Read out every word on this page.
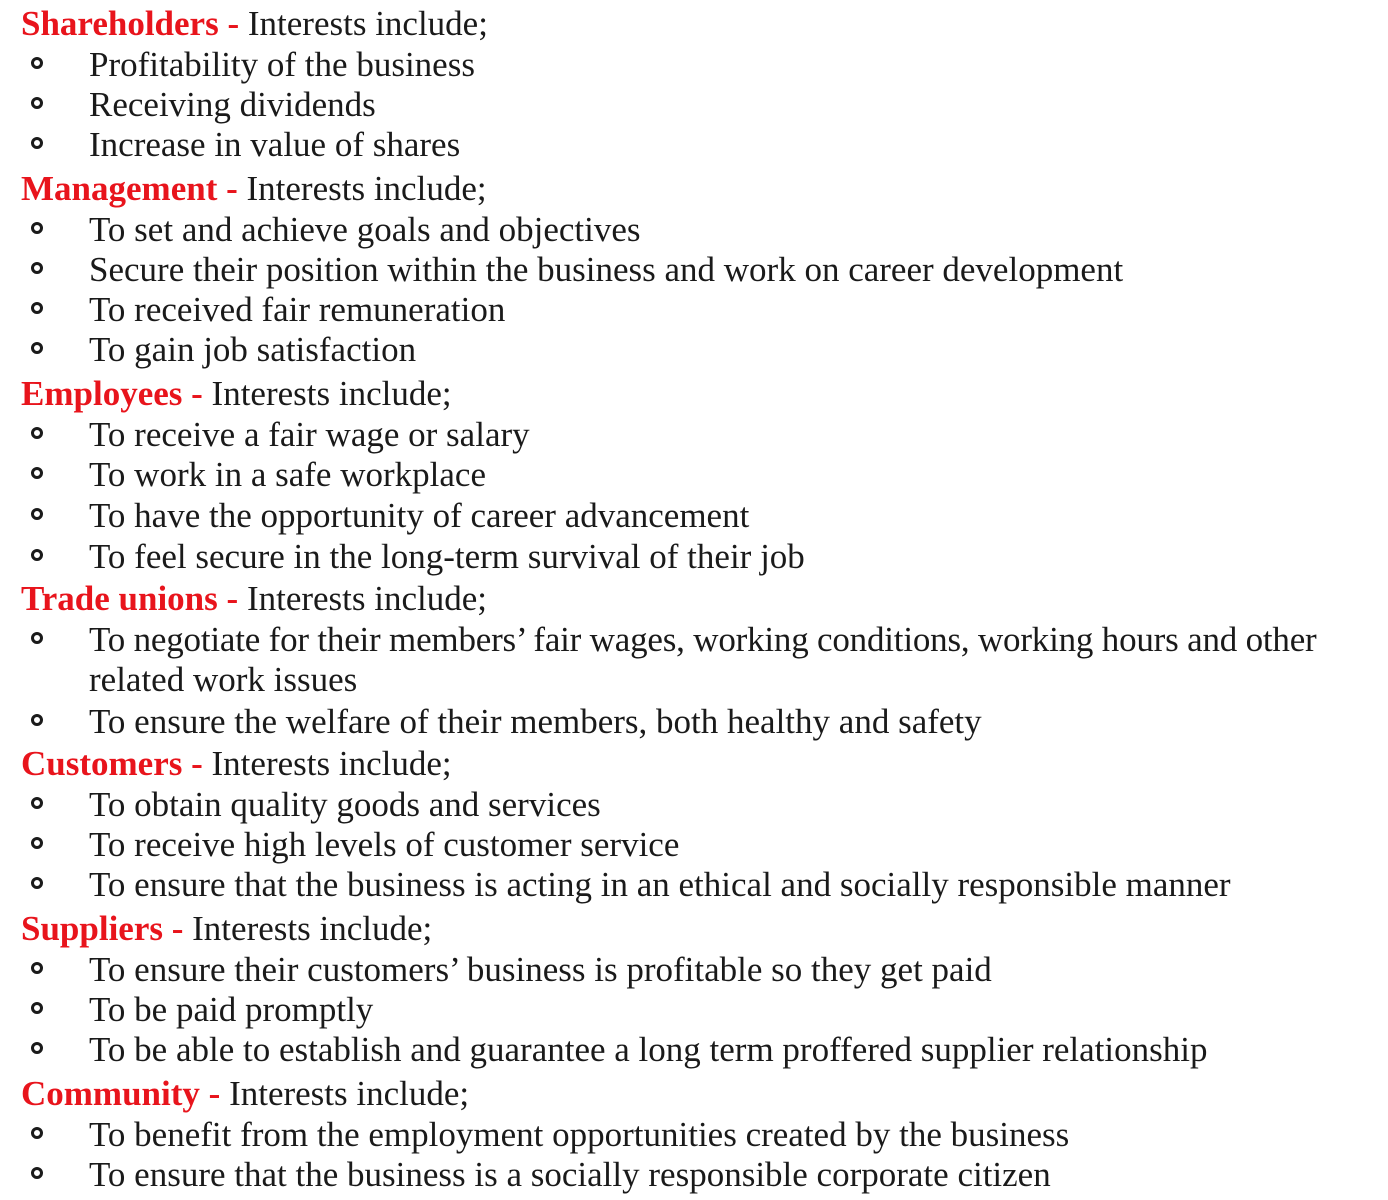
Shareholders - Interests include;
Profitability of the business
Receiving dividends
Increase in value of shares
Management - Interests include;
To set and achieve goals and objectives
Secure their position within the business and work on career development
To received fair remuneration
To gain job satisfaction
Employees - Interests include;
To receive a fair wage or salary
To work in a safe workplace
To have the opportunity of career advancement
To feel secure in the long-term survival of their job
Trade unions - Interests include;
To negotiate for their members’ fair wages, working conditions, working hours and other
related work issues
To ensure the welfare of their members, both healthy and safety
Customers - Interests include;
To obtain quality goods and services
To receive high levels of customer service
To ensure that the business is acting in an ethical and socially responsible manner
Suppliers - Interests include;
To ensure their customers’ business is profitable so they get paid
To be paid promptly
To be able to establish and guarantee a long term proffered supplier relationship
Community - Interests include;
To benefit from the employment opportunities created by the business
To ensure that the business is a socially responsible corporate citizen
